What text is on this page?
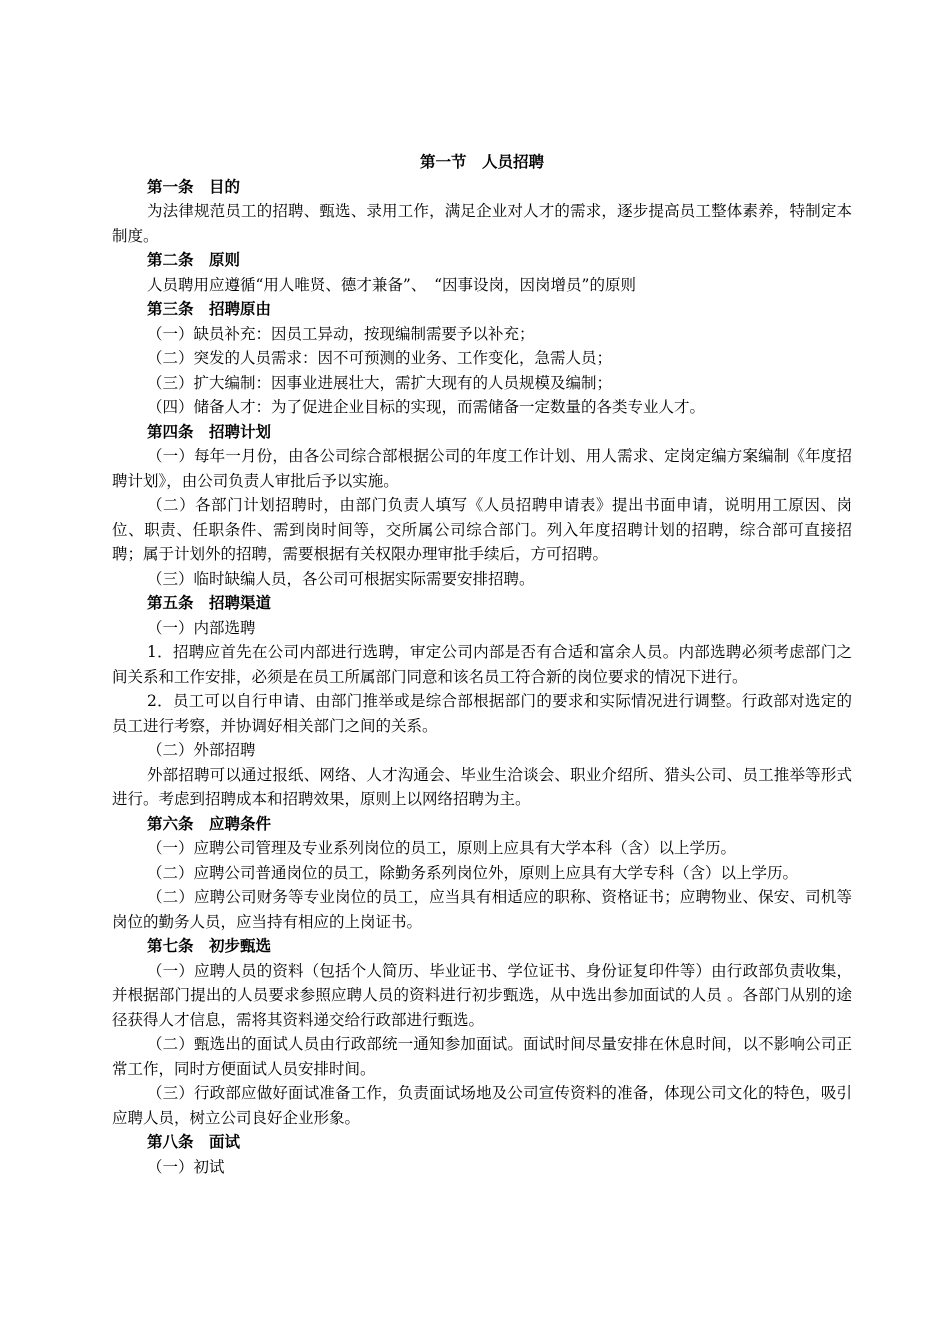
第一节　人员招聘

第一条　目的

为法律规范员工的招聘、甄选、录用工作，满足企业对人才的需求，逐步提高员工整体素养，特制定本制度。

第二条　原则

人员聘用应遵循“用人唯贤、德才兼备”、　“因事设岗，因岗增员”的原则

第三条　招聘原由

（一）缺员补充：因员工异动，按现编制需要予以补充；

（二）突发的人员需求：因不可预测的业务、工作变化，急需人员；

（三）扩大编制：因事业进展壮大，需扩大现有的人员规模及编制；

（四）储备人才：为了促进企业目标的实现，而需储备一定数量的各类专业人才。

第四条　招聘计划

（一）每年一月份，由各公司综合部根据公司的年度工作计划、用人需求、定岗定编方案编制《年度招聘计划》，由公司负责人审批后予以实施。

（二）各部门计划招聘时，由部门负责人填写《人员招聘申请表》提出书面申请，说明用工原因、岗位、职责、任职条件、需到岗时间等，交所属公司综合部门。列入年度招聘计划的招聘，综合部可直接招聘；属于计划外的招聘，需要根据有关权限办理审批手续后，方可招聘。

（三）临时缺编人员，各公司可根据实际需要安排招聘。

第五条　招聘渠道

（一）内部选聘

1．招聘应首先在公司内部进行选聘，审定公司内部是否有合适和富余人员。内部选聘必须考虑部门之间关系和工作安排，必须是在员工所属部门同意和该名员工符合新的岗位要求的情况下进行。

2．员工可以自行申请、由部门推举或是综合部根据部门的要求和实际情况进行调整。行政部对选定的员工进行考察，并协调好相关部门之间的关系。

（二）外部招聘

外部招聘可以通过报纸、网络、人才沟通会、毕业生洽谈会、职业介绍所、猎头公司、员工推举等形式进行。考虑到招聘成本和招聘效果，原则上以网络招聘为主。

第六条　应聘条件

（一）应聘公司管理及专业系列岗位的员工，原则上应具有大学本科（含）以上学历。

（二）应聘公司普通岗位的员工，除勤务系列岗位外，原则上应具有大学专科（含）以上学历。

（二）应聘公司财务等专业岗位的员工，应当具有相适应的职称、资格证书；应聘物业、保安、司机等岗位的勤务人员，应当持有相应的上岗证书。

第七条　初步甄选

（一）应聘人员的资料（包括个人简历、毕业证书、学位证书、身份证复印件等）由行政部负责收集，并根据部门提出的人员要求参照应聘人员的资料进行初步甄选，从中选出参加面试的人员 。各部门从别的途径获得人才信息，需将其资料递交给行政部进行甄选。

（二）甄选出的面试人员由行政部统一通知参加面试。面试时间尽量安排在休息时间，以不影响公司正常工作，同时方便面试人员安排时间。

（三）行政部应做好面试准备工作，负责面试场地及公司宣传资料的准备，体现公司文化的特色，吸引应聘人员，树立公司良好企业形象。

第八条　面试

（一）初试
